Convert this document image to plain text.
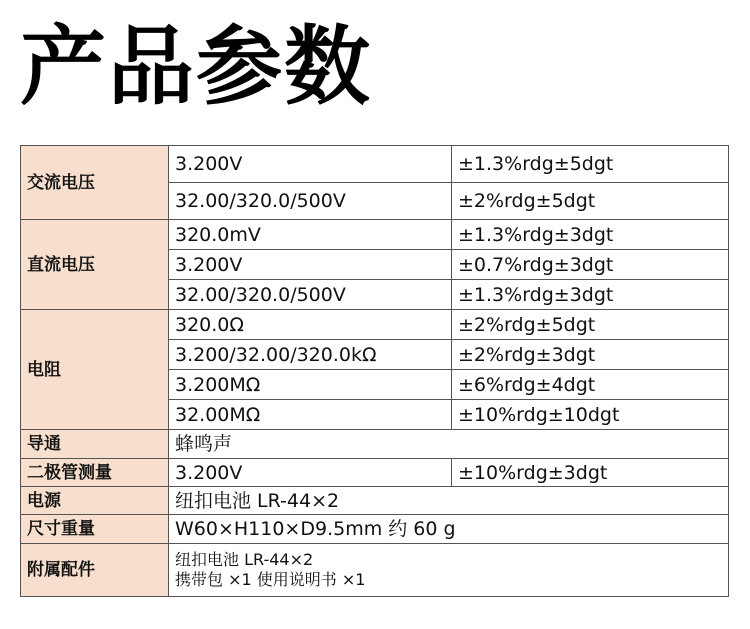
产品参数
交流电压	3.200V	±1.3%rdg±5dgt
	32.00/320.0/500V	±2%rdg±5dgt
直流电压	320.0mV	±1.3%rdg±3dgt
	3.200V	±0.7%rdg±3dgt
	32.00/320.0/500V	±1.3%rdg±3dgt
电阻	320.0Ω	±2%rdg±5dgt
	3.200/32.00/320.0kΩ	±2%rdg±3dgt
	3.200MΩ	±6%rdg±4dgt
	32.00MΩ	±10%rdg±10dgt
导通	蜂鸣声	
二极管测量	3.200V	±10%rdg±3dgt
电源	纽扣电池 LR-44×2	
尺寸重量	W60×H110×D9.5mm 约 60 g	
附属配件	纽扣电池 LR-44×2
携带包 ×1 使用说明书 ×1	
